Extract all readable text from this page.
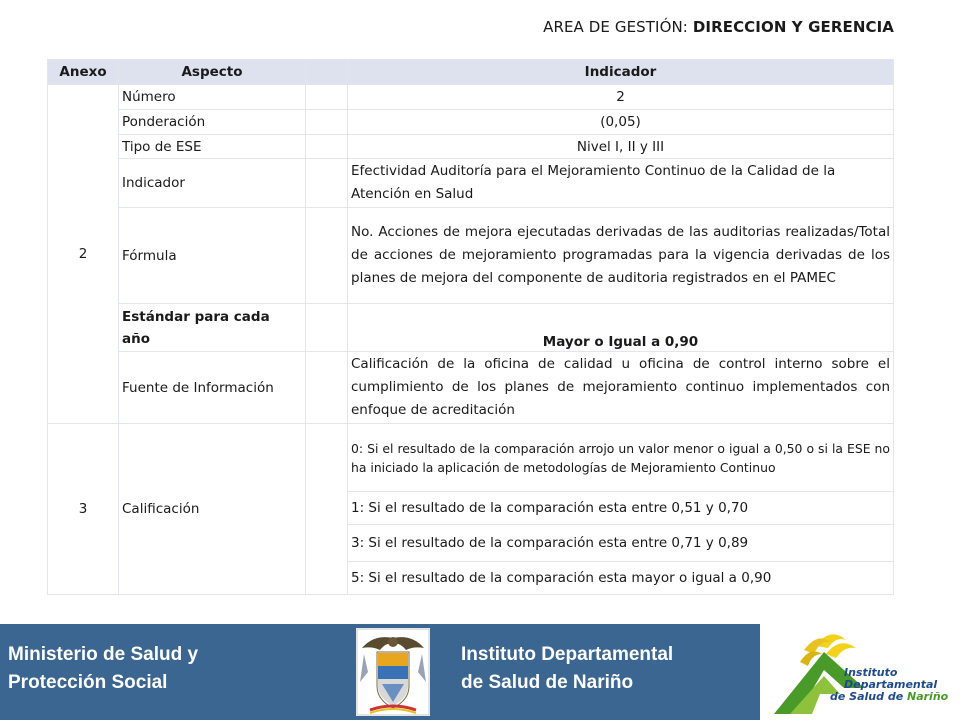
AREA DE GESTIÓN: DIRECCION Y GERENCIA
Anexo	Aspecto		Indicador
2	Número		2
	Ponderación		(0,05)
	Tipo de ESE		Nivel I, II y III
	Indicador		Efectividad Auditoría para el Mejoramiento Continuo de la Calidad de la Atención en Salud
	Fórmula		No. Acciones de mejora ejecutadas derivadas de las auditorias realizadas/Total de acciones de mejoramiento programadas para la vigencia derivadas de los planes de mejora del componente de auditoria registrados en el PAMEC
	Estándar para cada año		Mayor o Igual a 0,90
	Fuente de Información		Calificación de la oficina de calidad u oficina de control interno sobre el cumplimiento de los planes de mejoramiento continuo implementados con enfoque de acreditación
3	Calificación		0: Si el resultado de la comparación arrojo un valor menor o igual a 0,50 o si la ESE no ha iniciado la aplicación de metodologías de Mejoramiento Continuo
			1: Si el resultado de la comparación esta entre 0,51 y 0,70
			3: Si el resultado de la comparación esta entre 0,71 y 0,89
			5: Si el resultado de la comparación esta mayor o igual a 0,90
Ministerio de Salud y
Protección Social
Instituto Departamental
de Salud de Nariño	Instituto
Departamental
de Salud de Nariño
